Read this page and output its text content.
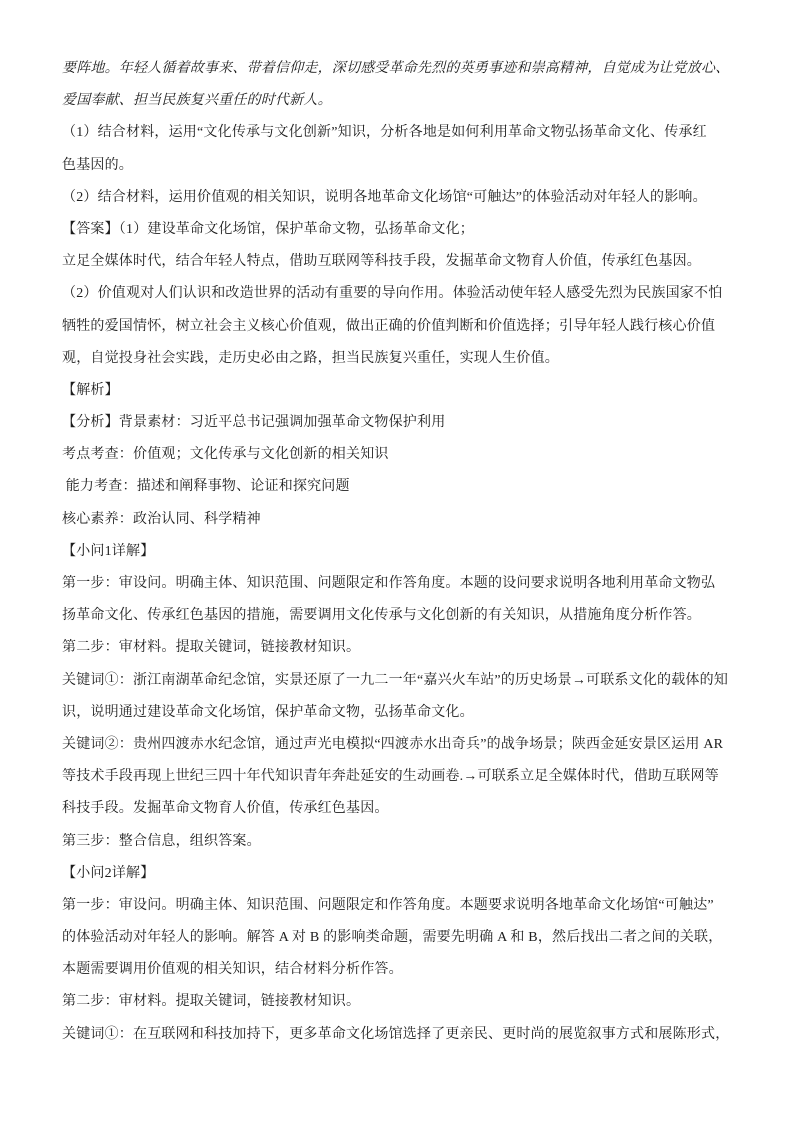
要阵地。年轻人循着故事来、带着信仰走，深切感受革命先烈的英勇事迹和崇高精神，自觉成为让党放心、
爱国奉献、担当民族复兴重任的时代新人。
（1）结合材料，运用“文化传承与文化创新”知识，分析各地是如何利用革命文物弘扬革命文化、传承红
色基因的。
（2）结合材料，运用价值观的相关知识，说明各地革命文化场馆“可触达”的体验活动对年轻人的影响。
【答案】（1）建设革命文化场馆，保护革命文物，弘扬革命文化；
立足全媒体时代，结合年轻人特点，借助互联网等科技手段，发掘革命文物育人价值，传承红色基因。
（2）价值观对人们认识和改造世界的活动有重要的导向作用。体验活动使年轻人感受先烈为民族国家不怕
牺牲的爱国情怀，树立社会主义核心价值观，做出正确的价值判断和价值选择；引导年轻人践行核心价值
观，自觉投身社会实践，走历史必由之路，担当民族复兴重任，实现人生价值。
【解析】
【分析】背景素材：习近平总书记强调加强革命文物保护利用
考点考查：价值观；文化传承与文化创新的相关知识
能力考查：描述和阐释事物、论证和探究问题
核心素养：政治认同、科学精神
【小问1详解】
第一步：审设问。明确主体、知识范围、问题限定和作答角度。本题的设问要求说明各地利用革命文物弘
扬革命文化、传承红色基因的措施，需要调用文化传承与文化创新的有关知识，从措施角度分析作答。
第二步：审材料。提取关键词，链接教材知识。
关键词①：浙江南湖革命纪念馆，实景还原了一九二一年“嘉兴火车站”的历史场景→可联系文化的载体的知
识，说明通过建设革命文化场馆，保护革命文物，弘扬革命文化。
关键词②：贵州四渡赤水纪念馆，通过声光电模拟“四渡赤水出奇兵”的战争场景；陕西金延安景区运用 AR
等技术手段再现上世纪三四十年代知识青年奔赴延安的生动画卷.→可联系立足全媒体时代，借助互联网等
科技手段。发掘革命文物育人价值，传承红色基因。
第三步：整合信息，组织答案。
【小问2详解】
第一步：审设问。明确主体、知识范围、问题限定和作答角度。本题要求说明各地革命文化场馆“可触达”
的体验活动对年轻人的影响。解答 A 对 B 的影响类命题，需要先明确 A 和 B，然后找出二者之间的关联，
本题需要调用价值观的相关知识，结合材料分析作答。
第二步：审材料。提取关键词，链接教材知识。
关键词①：在互联网和科技加持下，更多革命文化场馆选择了更亲民、更时尚的展览叙事方式和展陈形式，
